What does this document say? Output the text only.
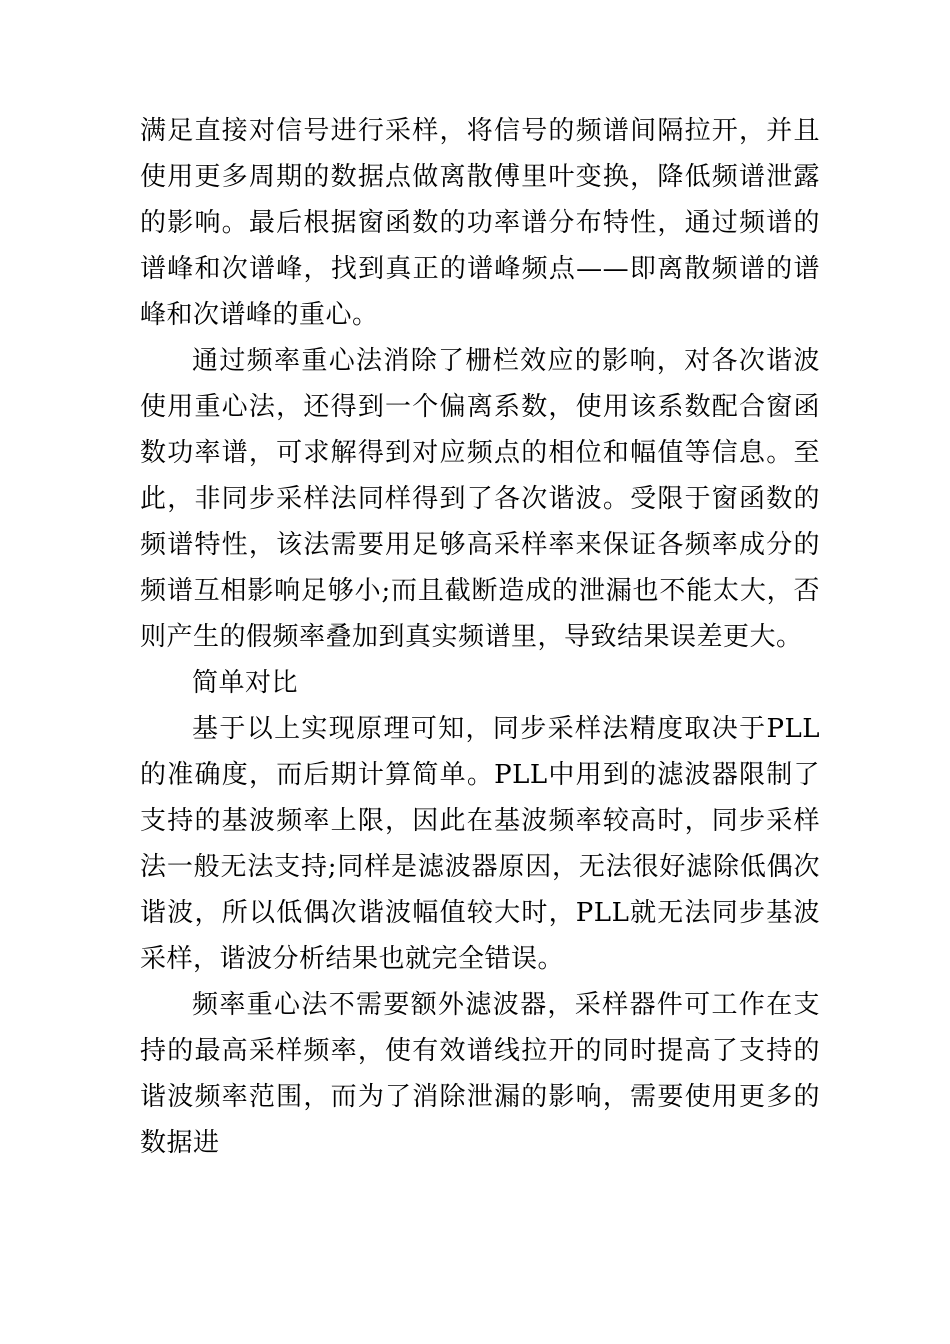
满足直接对信号进行采样，将信号的频谱间隔拉开，并且使用更多周期的数据点做离散傅里叶变换，降低频谱泄露的影响。最后根据窗函数的功率谱分布特性，通过频谱的谱峰和次谱峰，找到真正的谱峰频点——即离散频谱的谱峰和次谱峰的重心。

通过频率重心法消除了栅栏效应的影响，对各次谐波使用重心法，还得到一个偏离系数，使用该系数配合窗函数功率谱，可求解得到对应频点的相位和幅值等信息。至此，非同步采样法同样得到了各次谐波。受限于窗函数的频谱特性，该法需要用足够高采样率来保证各频率成分的频谱互相影响足够小;而且截断造成的泄漏也不能太大，否则产生的假频率叠加到真实频谱里，导致结果误差更大。

简单对比

基于以上实现原理可知，同步采样法精度取决于PLL的准确度，而后期计算简单。PLL中用到的滤波器限制了支持的基波频率上限，因此在基波频率较高时，同步采样法一般无法支持;同样是滤波器原因，无法很好滤除低偶次谐波，所以低偶次谐波幅值较大时，PLL就无法同步基波采样，谐波分析结果也就完全错误。

频率重心法不需要额外滤波器，采样器件可工作在支持的最高采样频率，使有效谱线拉开的同时提高了支持的谐波频率范围，而为了消除泄漏的影响，需要使用更多的数据进
